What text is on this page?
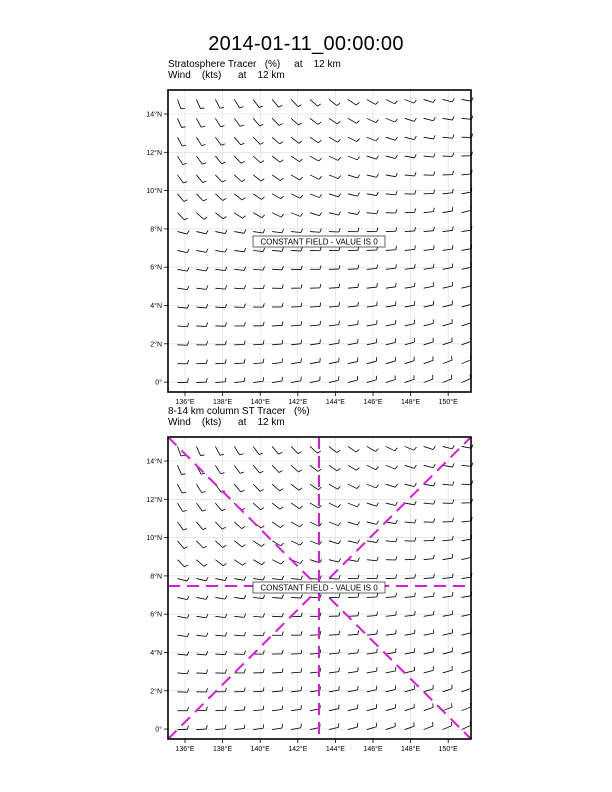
2014-01-11_00:00:00
Stratosphere Tracer   (%)     at    12 km
Wind    (kts)      at    12 km
8-14 km column ST Tracer   (%)
Wind    (kts)      at    12 km
14°N
12°N
10°N
8°N
6°N
4°N
2°N
0°
136°E	138°E	140°E	142°E	144°E	146°E	148°E	150°E
CONSTANT FIELD - VALUE IS 0
14°N
12°N
10°N
8°N
6°N
4°N
2°N
0°
136°E	138°E	140°E	142°E	144°E	146°E	148°E	150°E
CONSTANT FIELD - VALUE IS 0
